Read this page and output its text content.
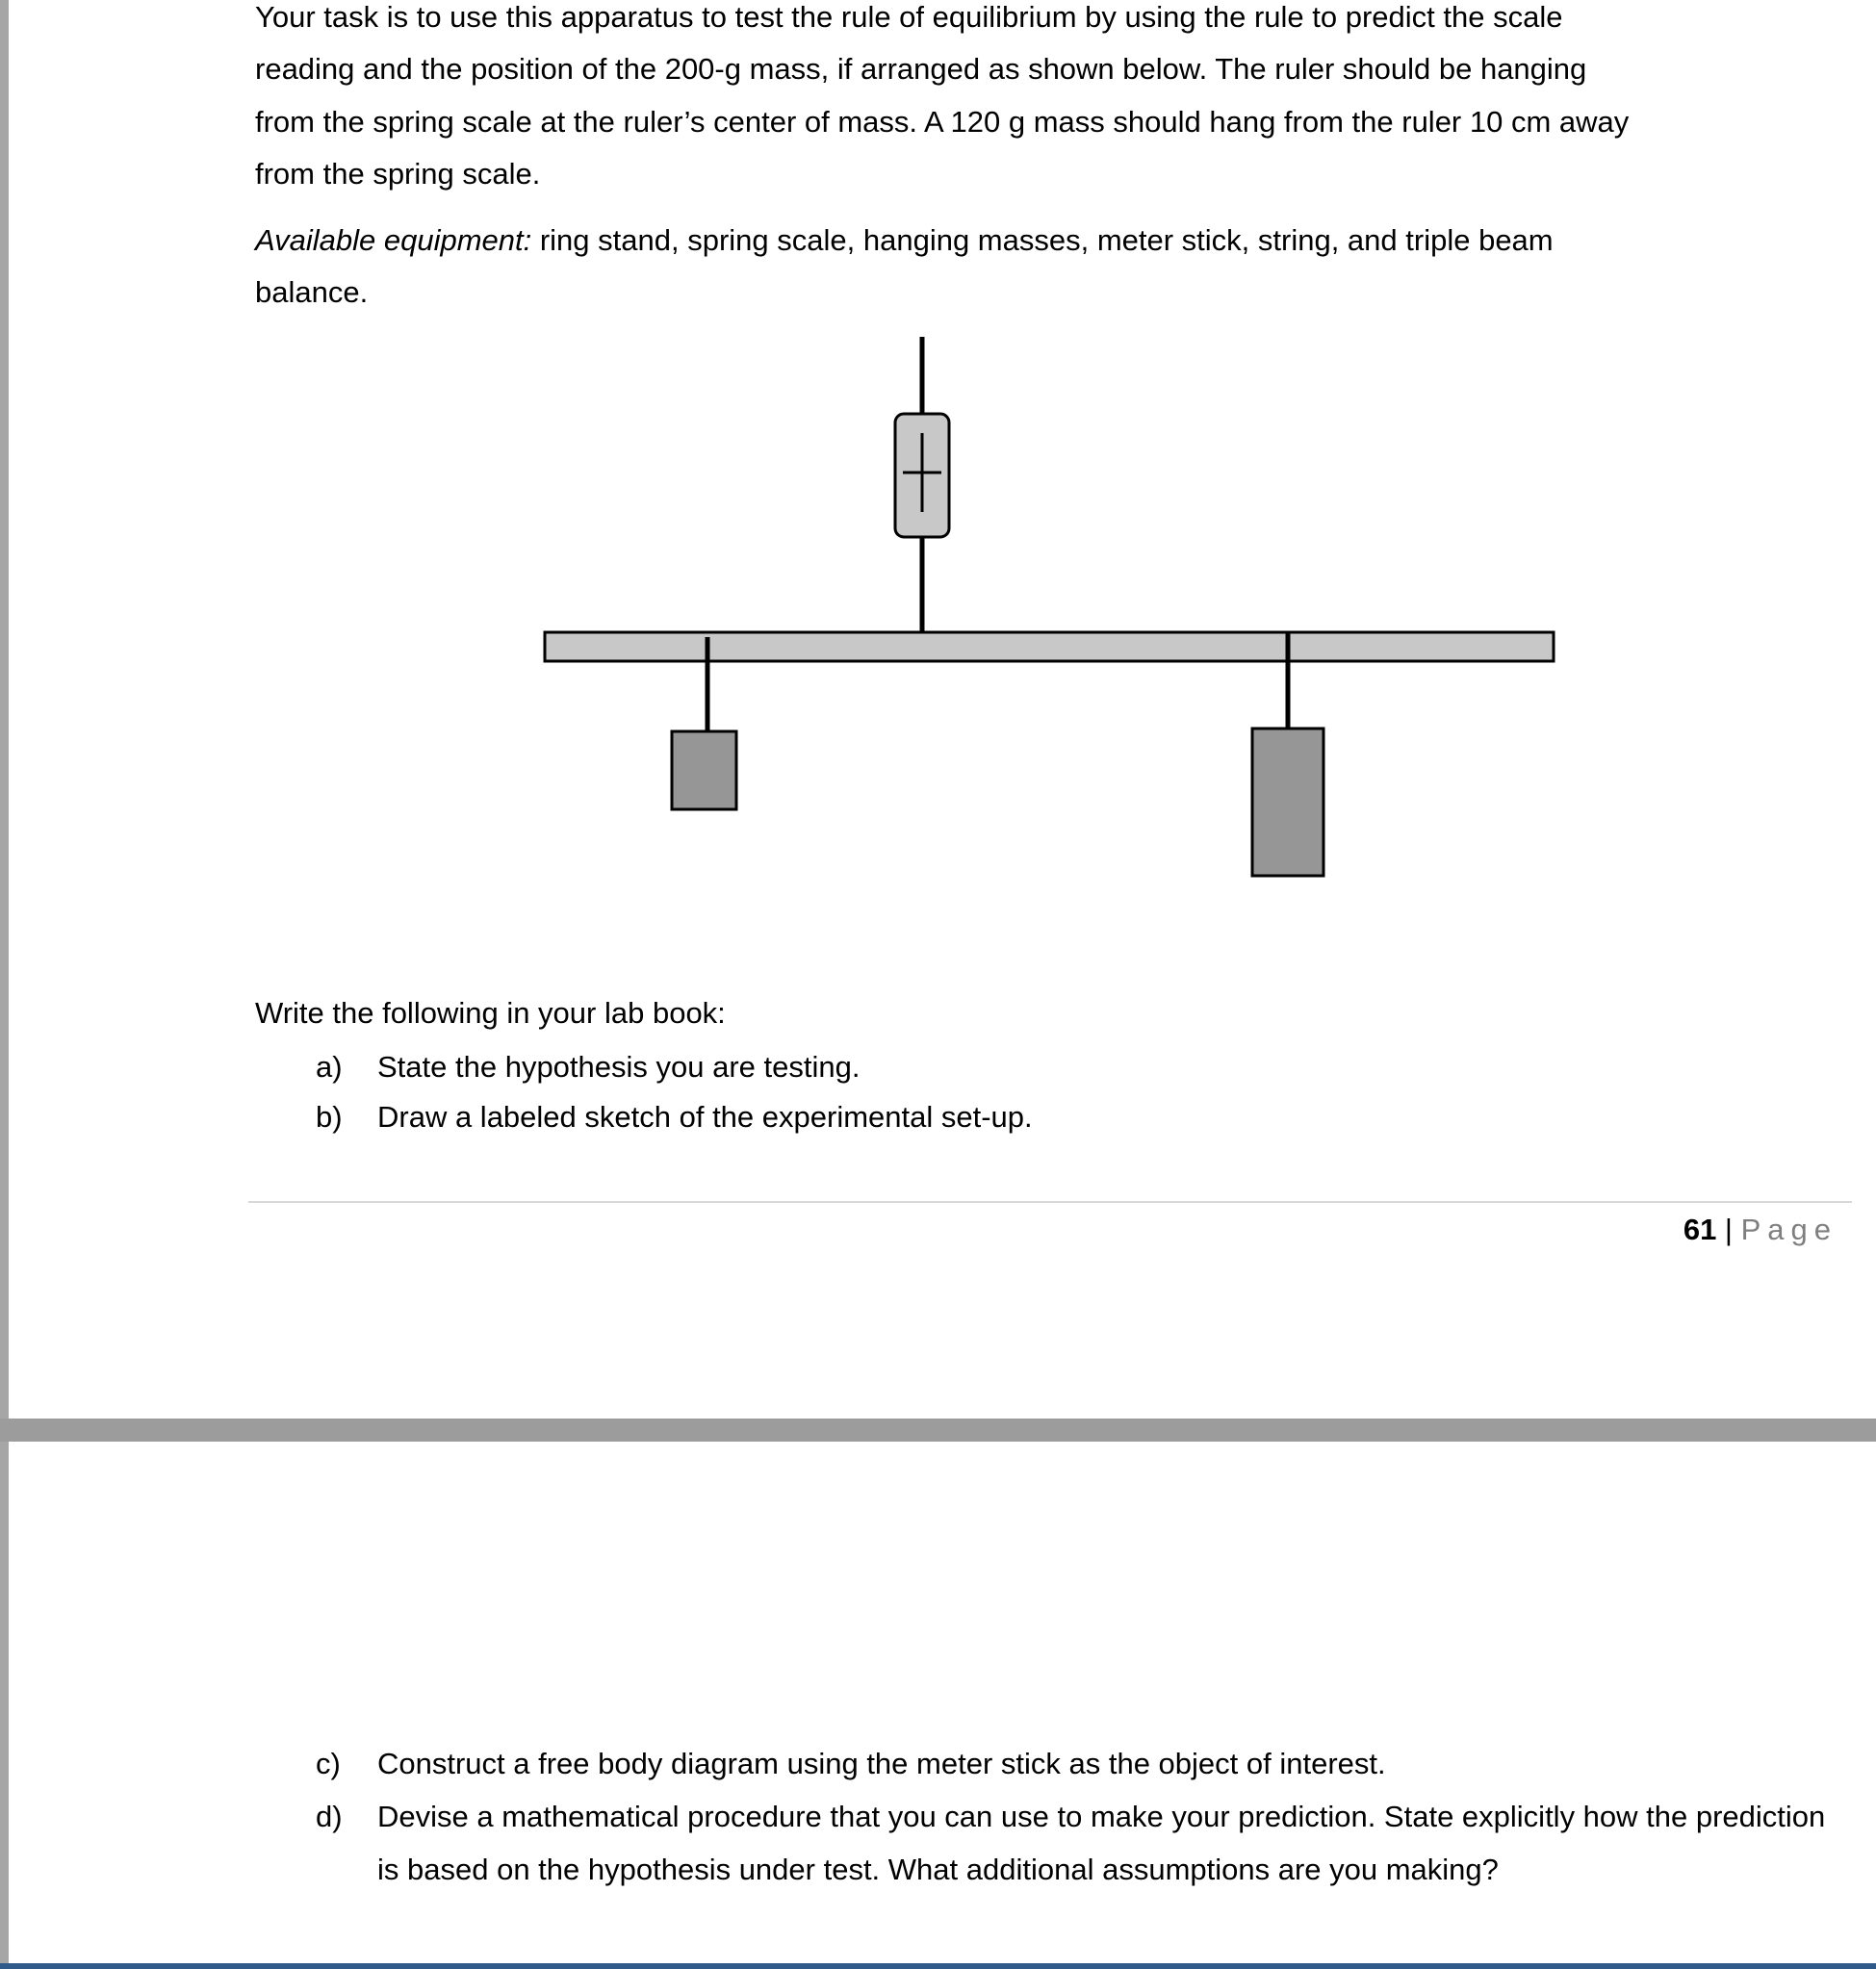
Your task is to use this apparatus to test the rule of equilibrium by using the rule to predict the scale
reading and the position of the 200-g mass, if arranged as shown below. The ruler should be hanging
from the spring scale at the ruler’s center of mass. A 120 g mass should hang from the ruler 10 cm away
from the spring scale.
Available equipment: ring stand, spring scale, hanging masses, meter stick, string, and triple beam
balance.
Write the following in your lab book:
a) State the hypothesis you are testing.
b) Draw a labeled sketch of the experimental set-up.
61 | Page
c) Construct a free body diagram using the meter stick as the object of interest.
d) Devise a mathematical procedure that you can use to make your prediction. State explicitly how the prediction is based on the hypothesis under test. What additional assumptions are you making?
